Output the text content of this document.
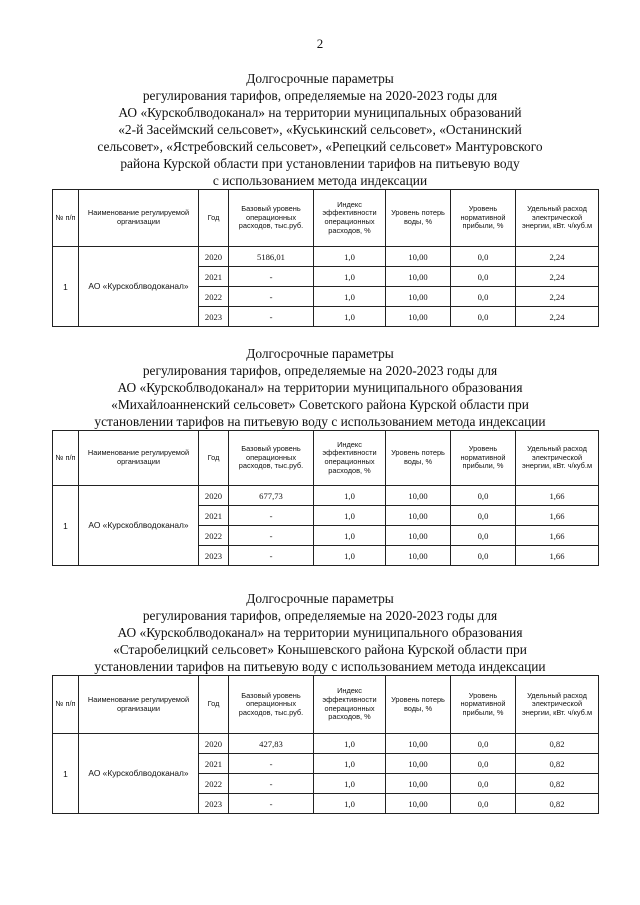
2
Долгосрочные параметры
регулирования тарифов, определяемые на 2020-2023 годы для
АО «Курскоблводоканал» на территории муниципальных образований
«2-й Засеймский сельсовет», «Куськинский сельсовет», «Останинский
сельсовет», «Ястребовский сельсовет», «Репецкий сельсовет» Мантуровского
района Курской области при установлении тарифов на питьевую воду
с использованием метода индексации
№ п/п	Наименование регулируемой организации	Год	Базовый уровень операционных расходов, тыс.руб.	Индекс эффективности операционных расходов, %	Уровень потерь воды, %	Уровень нормативной прибыли, %	Удельный расход электрической энергии, кВт. ч/куб.м
1	АО «Курскоблводоканал»	2020	5186,01	1,0	10,00	0,0	2,24
		2021	-	1,0	10,00	0,0	2,24
		2022	-	1,0	10,00	0,0	2,24
		2023	-	1,0	10,00	0,0	2,24
Долгосрочные параметры
регулирования тарифов, определяемые на 2020-2023 годы для
АО «Курскоблводоканал» на территории муниципального образования
«Михайлоанненский сельсовет» Советского района Курской области при
установлении тарифов на питьевую воду с использованием метода индексации
№ п/п	Наименование регулируемой организации	Год	Базовый уровень операционных расходов, тыс.руб.	Индекс эффективности операционных расходов, %	Уровень потерь воды, %	Уровень нормативной прибыли, %	Удельный расход электрической энергии, кВт. ч/куб.м
1	АО «Курскоблводоканал»	2020	677,73	1,0	10,00	0,0	1,66
		2021	-	1,0	10,00	0,0	1,66
		2022	-	1,0	10,00	0,0	1,66
		2023	-	1,0	10,00	0,0	1,66
Долгосрочные параметры
регулирования тарифов, определяемые на 2020-2023 годы для
АО «Курскоблводоканал» на территории муниципального образования
«Старобелицкий сельсовет» Конышевского района Курской области при
установлении тарифов на питьевую воду с использованием метода индексации
№ п/п	Наименование регулируемой организации	Год	Базовый уровень операционных расходов, тыс.руб.	Индекс эффективности операционных расходов, %	Уровень потерь воды, %	Уровень нормативной прибыли, %	Удельный расход электрической энергии, кВт. ч/куб.м
1	АО «Курскоблводоканал»	2020	427,83	1,0	10,00	0,0	0,82
		2021	-	1,0	10,00	0,0	0,82
		2022	-	1,0	10,00	0,0	0,82
		2023	-	1,0	10,00	0,0	0,82
